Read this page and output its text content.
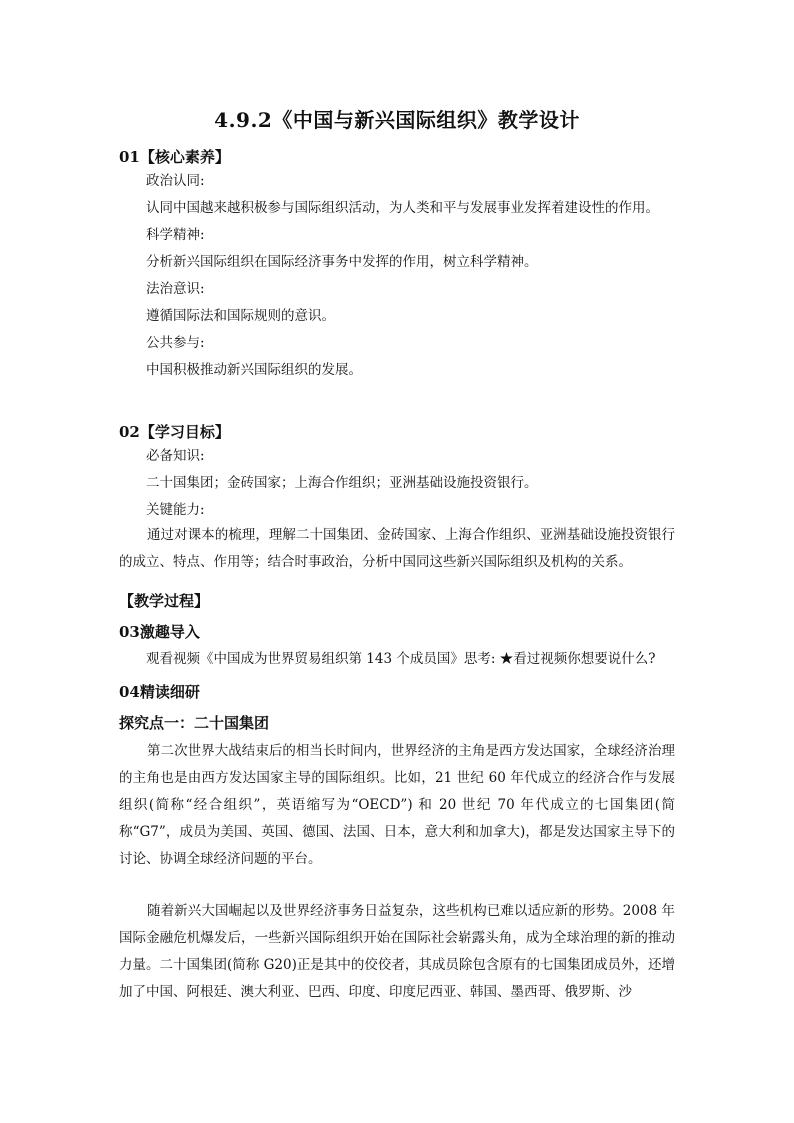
4.9.2《中国与新兴国际组织》教学设计
01【核心素养】
政治认同:
认同中国越来越积极参与国际组织活动，为人类和平与发展事业发挥着建设性的作用。
科学精神:
分析新兴国际组织在国际经济事务中发挥的作用，树立科学精神。
法治意识:
遵循国际法和国际规则的意识。
公共参与:
中国积极推动新兴国际组织的发展。
02【学习目标】
必备知识:
二十国集团；金砖国家；上海合作组织；亚洲基础设施投资银行。
关键能力:
通过对课本的梳理，理解二十国集团、金砖国家、上海合作组织、亚洲基础设施投资银行的成立、特点、作用等；结合时事政治，分析中国同这些新兴国际组织及机构的关系。
【教学过程】
03激趣导入
观看视频《中国成为世界贸易组织第 143 个成员国》思考: ★看过视频你想要说什么?
04精读细研
探究点一：二十国集团
第二次世界大战结束后的相当长时间内，世界经济的主角是西方发达国家，全球经济治理的主角也是由西方发达国家主导的国际组织。比如，21 世纪 60 年代成立的经济合作与发展组织(简称“经合组织”，英语缩写为“OECD”) 和 20 世纪 70 年代成立的七国集团(简称“G7”，成员为美国、英国、德国、法国、日本，意大利和加拿大)，都是发达国家主导下的讨论、协调全球经济问题的平台。
随着新兴大国崛起以及世界经济事务日益复杂，这些机构已难以适应新的形势。2008 年国际金融危机爆发后，一些新兴国际组织开始在国际社会崭露头角，成为全球治理的新的推动力量。二十国集团(简称 G20)正是其中的佼佼者，其成员除包含原有的七国集团成员外，还增加了中国、阿根廷、澳大利亚、巴西、印度、印度尼西亚、韩国、墨西哥、俄罗斯、沙
